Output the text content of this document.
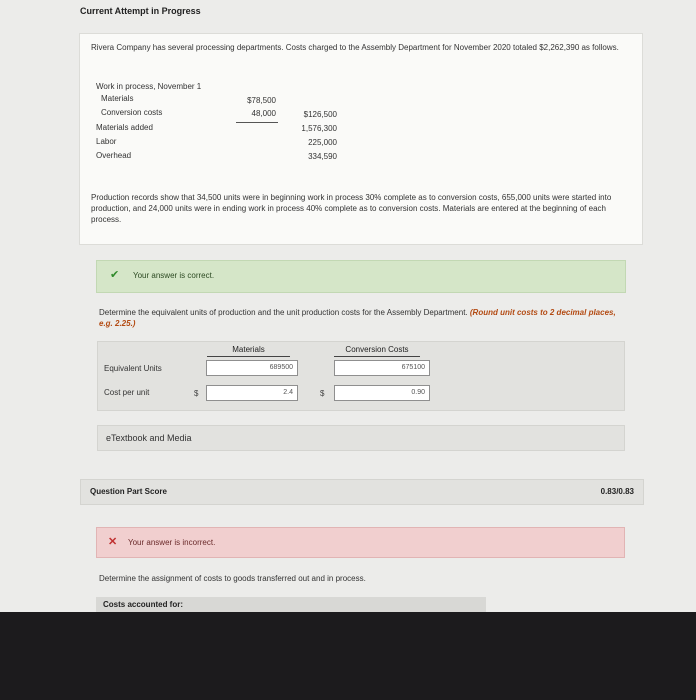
Current Attempt in Progress
Rivera Company has several processing departments. Costs charged to the Assembly Department for November 2020 totaled $2,262,390 as follows.
Work in process, November 1
Materials	$78,500
Conversion costs	48,000	$126,500
Materials added	1,576,300
Labor	225,000
Overhead	334,590
Production records show that 34,500 units were in beginning work in process 30% complete as to conversion costs, 655,000 units were started into production, and 24,000 units were in ending work in process 40% complete as to conversion costs. Materials are entered at the beginning of each process.
✔ Your answer is correct.
Determine the equivalent units of production and the unit production costs for the Assembly Department. (Round unit costs to 2 decimal places, e.g. 2.25.)
Materials	Conversion Costs
Equivalent Units	689500	675100
Cost per unit	$	2.4	$	0.90
eTextbook and Media
Question Part Score	0.83/0.83
✕ Your answer is incorrect.
Determine the assignment of costs to goods transferred out and in process.
Costs accounted for:
